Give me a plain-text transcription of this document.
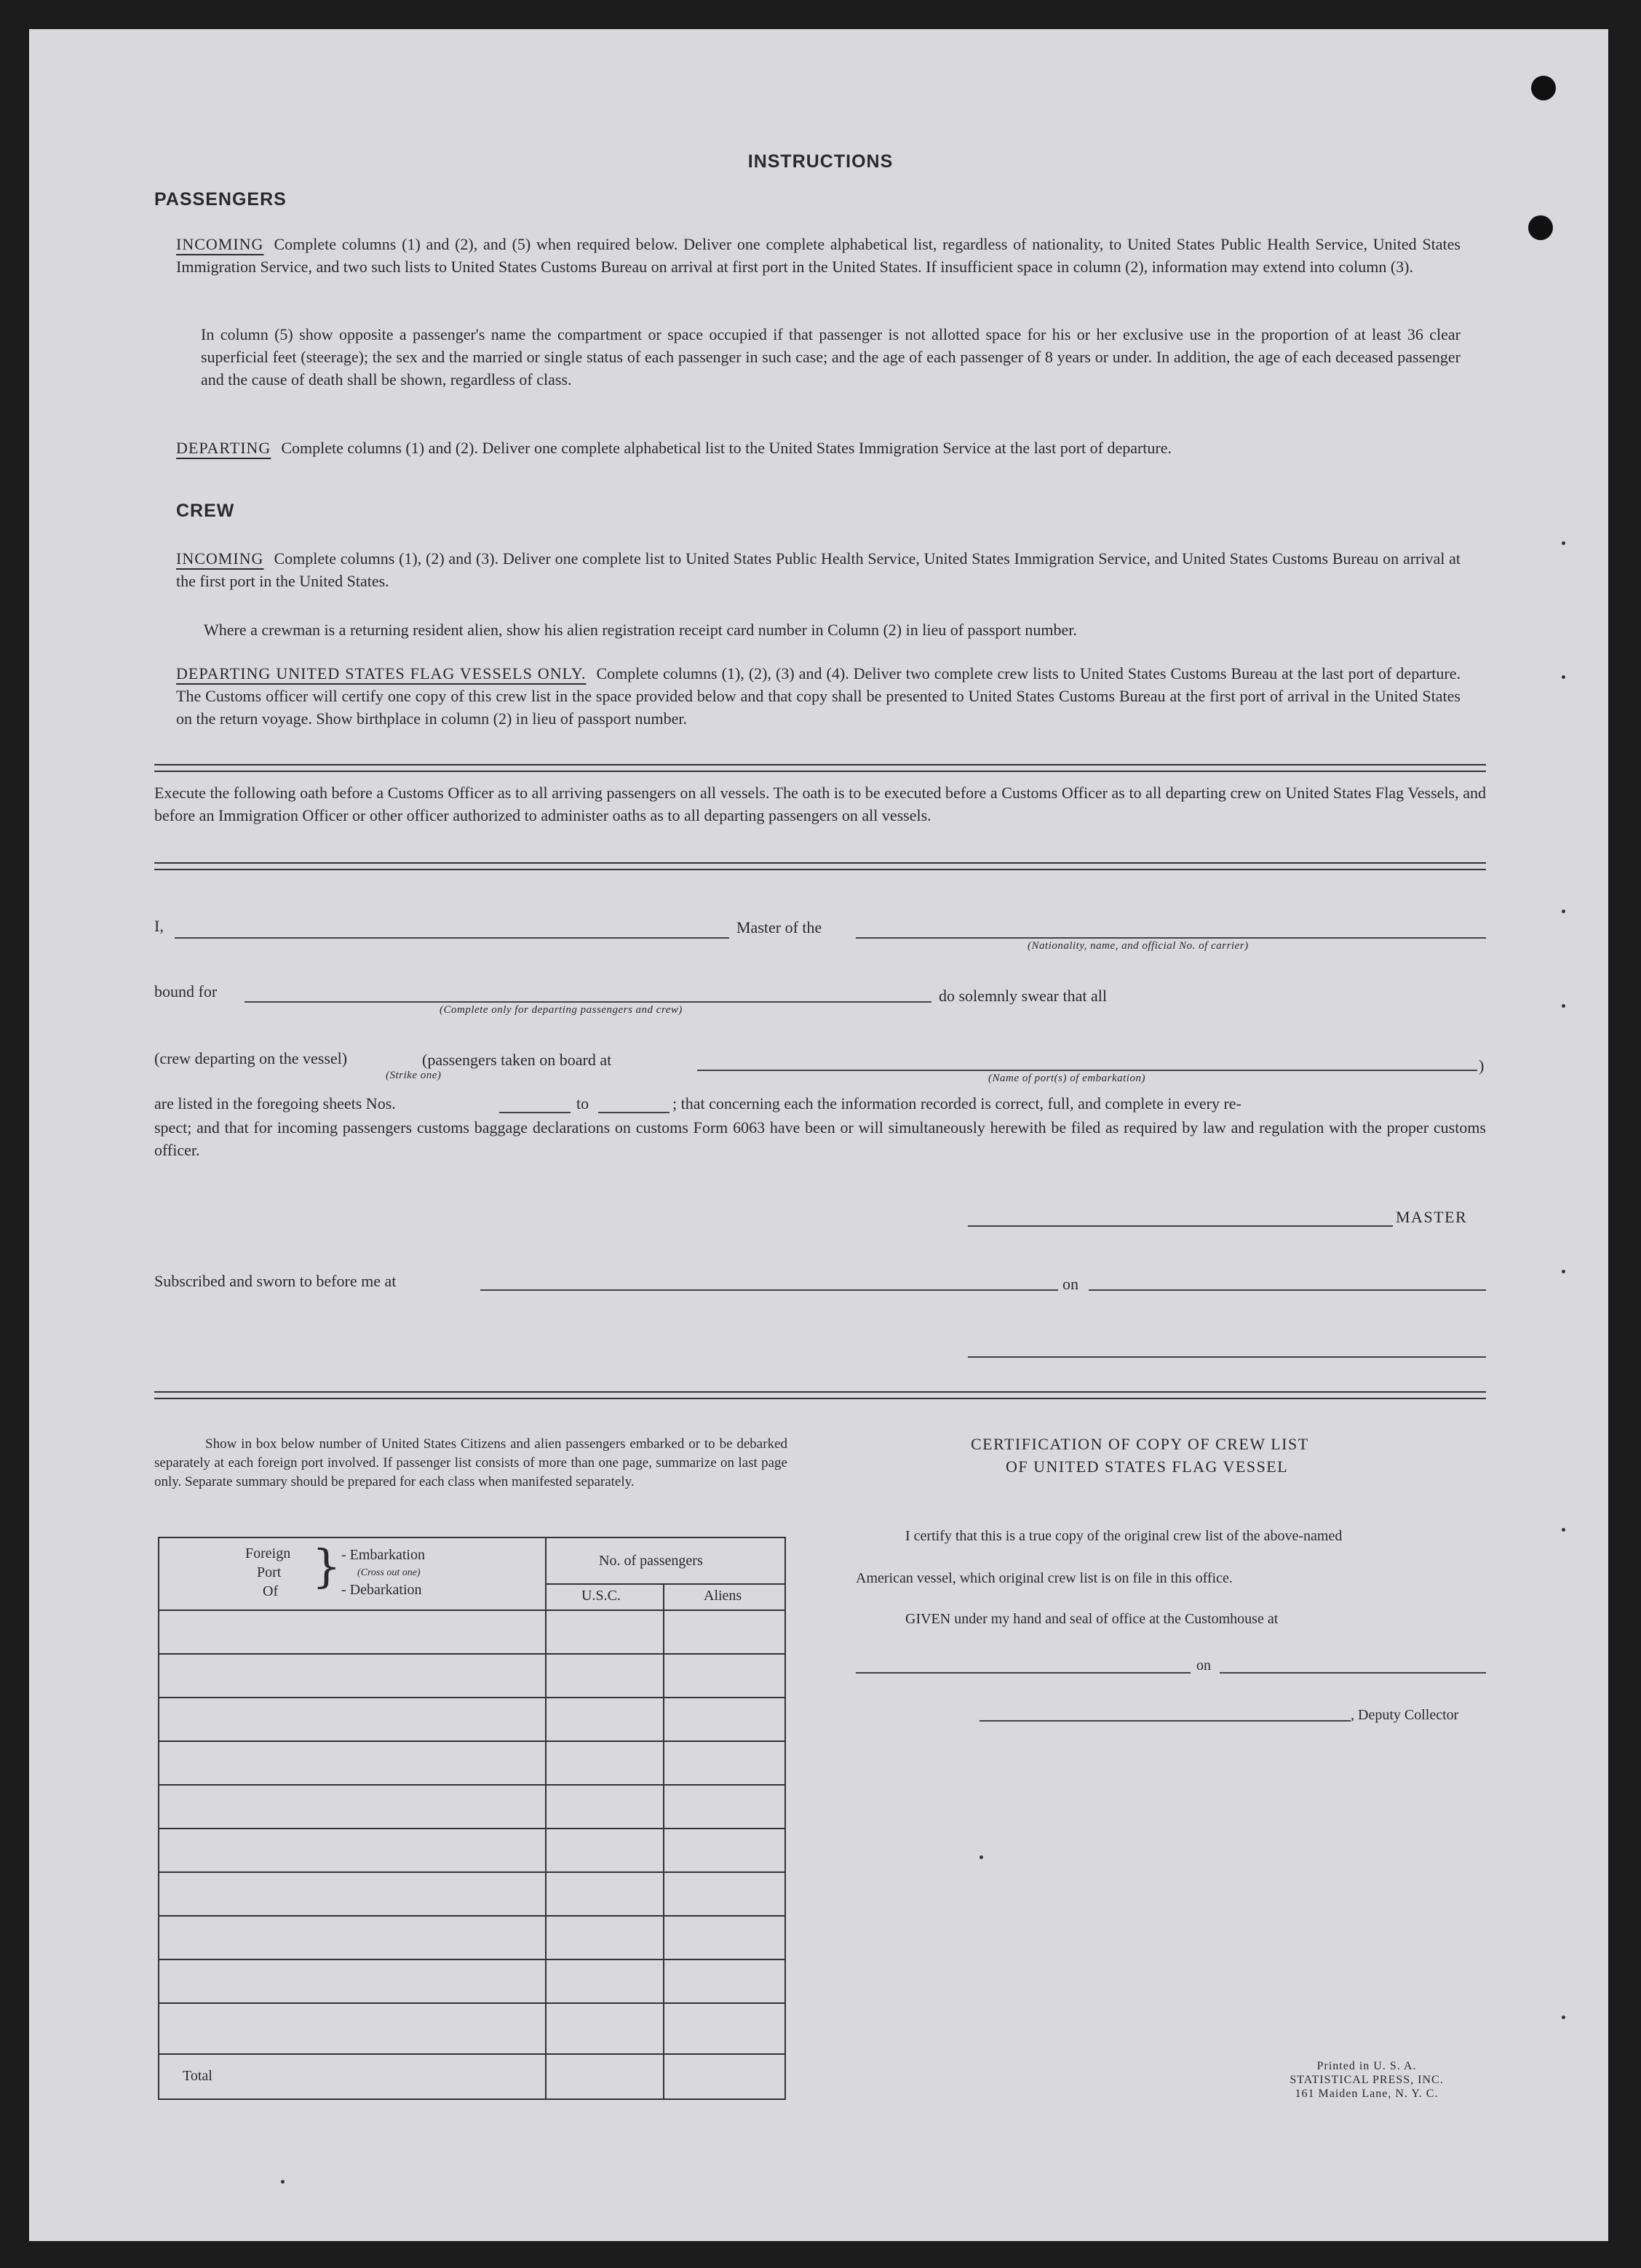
INSTRUCTIONS
PASSENGERS
INCOMING Complete columns (1) and (2), and (5) when required below. Deliver one complete alphabetical list, regardless of nationality, to United States Public Health Service, United States Immigration Service, and two such lists to United States Customs Bureau on arrival at first port in the United States. If insufficient space in column (2), information may extend into column (3).
In column (5) show opposite a passenger's name the compartment or space occupied if that passenger is not allotted space for his or her exclusive use in the proportion of at least 36 clear superficial feet (steerage); the sex and the married or single status of each passenger in such case; and the age of each passenger of 8 years or under. In addition, the age of each deceased passenger and the cause of death shall be shown, regardless of class.
DEPARTING Complete columns (1) and (2). Deliver one complete alphabetical list to the United States Immigration Service at the last port of departure.
CREW
INCOMING Complete columns (1), (2) and (3). Deliver one complete list to United States Public Health Service, United States Immigration Service, and United States Customs Bureau on arrival at the first port in the United States.
Where a crewman is a returning resident alien, show his alien registration receipt card number in Column (2) in lieu of passport number.
DEPARTING UNITED STATES FLAG VESSELS ONLY. Complete columns (1), (2), (3) and (4). Deliver two complete crew lists to United States Customs Bureau at the last port of departure. The Customs officer will certify one copy of this crew list in the space provided below and that copy shall be presented to United States Customs Bureau at the first port of arrival in the United States on the return voyage. Show birthplace in column (2) in lieu of passport number.
Execute the following oath before a Customs Officer as to all arriving passengers on all vessels. The oath is to be executed before a Customs Officer as to all departing crew on United States Flag Vessels, and before an Immigration Officer or other officer authorized to administer oaths as to all departing passengers on all vessels.
I,	Master of the
(Nationality, name, and official No. of carrier)
bound for
(Complete only for departing passengers and crew)
do solemnly swear that all
(crew departing on the vessel)
(Strike one)
(passengers taken on board at	)
(Name of port(s) of embarkation)
are listed in the foregoing sheets Nos.	to	; that concerning each the information recorded is correct, full, and complete in every re-
spect; and that for incoming passengers customs baggage declarations on customs Form 6063 have been or will simultaneously herewith be filed as required by law and regulation with the proper customs officer.
MASTER
Subscribed and sworn to before me at	on
Show in box below number of United States Citizens and alien passengers embarked or to be debarked separately at each foreign port involved. If passenger list consists of more than one page, summarize on last page only. Separate summary should be prepared for each class when manifested separately.
Foreign
Port
Of } - Embarkation
(Cross out one)
- Debarkation
No. of passengers
U.S.C.	Aliens
Total
CERTIFICATION OF COPY OF CREW LIST
OF UNITED STATES FLAG VESSEL
I certify that this is a true copy of the original crew list of the above-named
American vessel, which original crew list is on file in this office.
GIVEN under my hand and seal of office at the Customhouse at
on
, Deputy Collector
Printed in U. S. A.
STATISTICAL PRESS, INC.
161 Maiden Lane, N. Y. C.
